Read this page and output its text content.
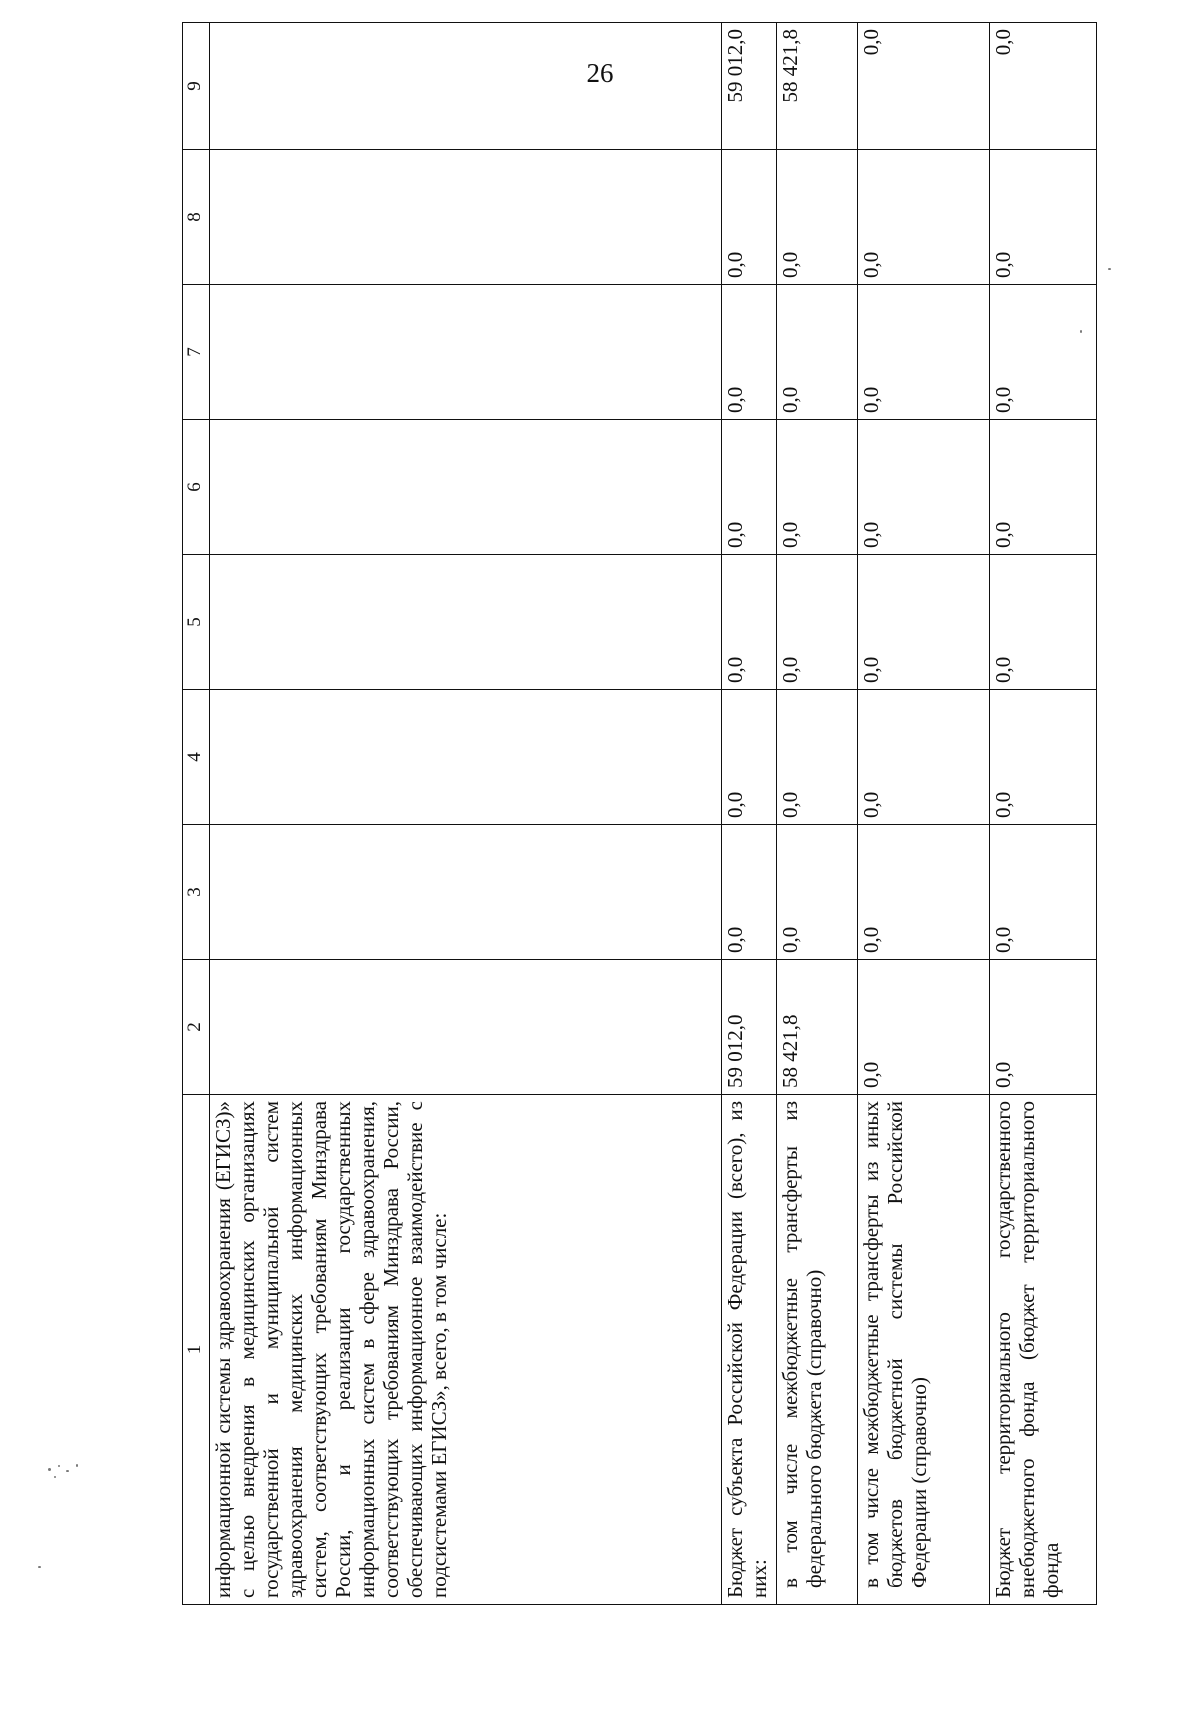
26
1	2	3	4	5	6	7	8	9
информационной системы здравоохранения (ЕГИСЗ)» с целью внедрения в медицинских организациях государственной и муниципальной систем здравоохранения медицинских информационных систем, соответствующих требованиям Минздрава России, и реализации государственных информационных систем в сфере здравоохранения, соответствующих требованиям Минздрава России, обеспечивающих информационное взаимодействие с подсистемами ЕГИСЗ», всего, в том числе:								
Бюджет субъекта Российской Федерации (всего), из них:	59 012,0	0,0	0,0	0,0	0,0	0,0	0,0	59 012,0
в том числе межбюджетные трансферты из федерального бюджета (справочно)	58 421,8	0,0	0,0	0,0	0,0	0,0	0,0	58 421,8
в том числе межбюджетные трансферты из иных бюджетов бюджетной системы Российской Федерации (справочно)	0,0	0,0	0,0	0,0	0,0	0,0	0,0	0,0
Бюджет территориального государственного внебюджетного фонда (бюджет территориального фонда	0,0	0,0	0,0	0,0	0,0	0,0	0,0	0,0
